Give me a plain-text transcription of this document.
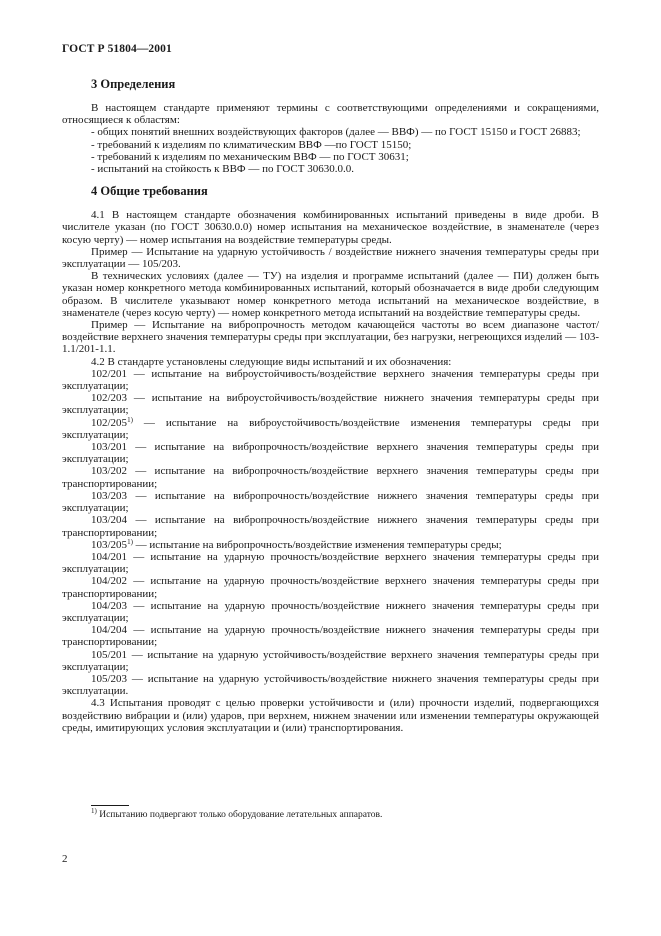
ГОСТ Р 51804—2001
3 Определения

В настоящем стандарте применяют термины с соответствующими определениями и сокращениями, относящиеся к областям:

- общих понятий внешних воздействующих факторов (далее — ВВФ) — по ГОСТ 15150 и ГОСТ 26883;

- требований к изделиям по климатическим ВВФ —по ГОСТ 15150;

- требований к изделиям по механическим ВВФ — по ГОСТ 30631;

- испытаний на стойкость к ВВФ — по ГОСТ 30630.0.0.

4 Общие требования

4.1 В настоящем стандарте обозначения комбинированных испытаний приведены в виде дроби. В числителе указан (по ГОСТ 30630.0.0) номер испытания на механическое воздействие, в знаменателе (через косую черту) — номер испытания на воздействие температуры среды.

Пример — Испытание на ударную устойчивость / воздействие нижнего значения температуры среды при эксплуатации — 105/203.

В технических условиях (далее — ТУ) на изделия и программе испытаний (далее — ПИ) должен быть указан номер конкретного метода комбинированных испытаний, который обозначается в виде дроби следующим образом. В числителе указывают номер конкретного метода испытаний на механическое воздействие, в знаменателе (через косую черту) — номер конкретного метода испытаний на воздействие температуры среды.

Пример — Испытание на вибропрочность методом качающейся частоты во всем диапазоне частот/воздействие верхнего значения температуры среды при эксплуатации, без нагрузки, негреющихся изделий — 103-1.1/201-1.1.

4.2 В стандарте установлены следующие виды испытаний и их обозначения:

102/201 — испытание на виброустойчивость/воздействие верхнего значения температуры среды при эксплуатации;

102/203 — испытание на виброустойчивость/воздействие нижнего значения температуры среды при эксплуатации;

102/205$^{1)}$ — испытание на виброустойчивость/воздействие изменения температуры среды при эксплуатации;

103/201 — испытание на вибропрочность/воздействие верхнего значения температуры среды при эксплуатации;

103/202 — испытание на вибропрочность/воздействие верхнего значения температуры среды при транспортировании;

103/203 — испытание на вибропрочность/воздействие нижнего значения температуры среды при эксплуатации;

103/204 — испытание на вибропрочность/воздействие нижнего значения температуры среды при транспортировании;

103/205$^{1)}$ — испытание на вибропрочность/воздействие изменения температуры среды;

104/201 — испытание на ударную прочность/воздействие верхнего значения температуры среды при эксплуатации;

104/202 — испытание на ударную прочность/воздействие верхнего значения температуры среды при транспортировании;

104/203 — испытание на ударную прочность/воздействие нижнего значения температуры среды при эксплуатации;

104/204 — испытание на ударную прочность/воздействие нижнего значения температуры среды при транспортировании;

105/201 — испытание на ударную устойчивость/воздействие верхнего значения температуры среды при эксплуатации;

105/203 — испытание на ударную устойчивость/воздействие нижнего значения температуры среды при эксплуатации.

4.3 Испытания проводят с целью проверки устойчивости и (или) прочности изделий, подвергающихся воздействию вибрации и (или) ударов, при верхнем, нижнем значении или изменении температуры окружающей среды, имитирующих условия эксплуатации и (или) транспортирования.

$^{1)}$ Испытанию подвергают только оборудование летательных аппаратов.
2
